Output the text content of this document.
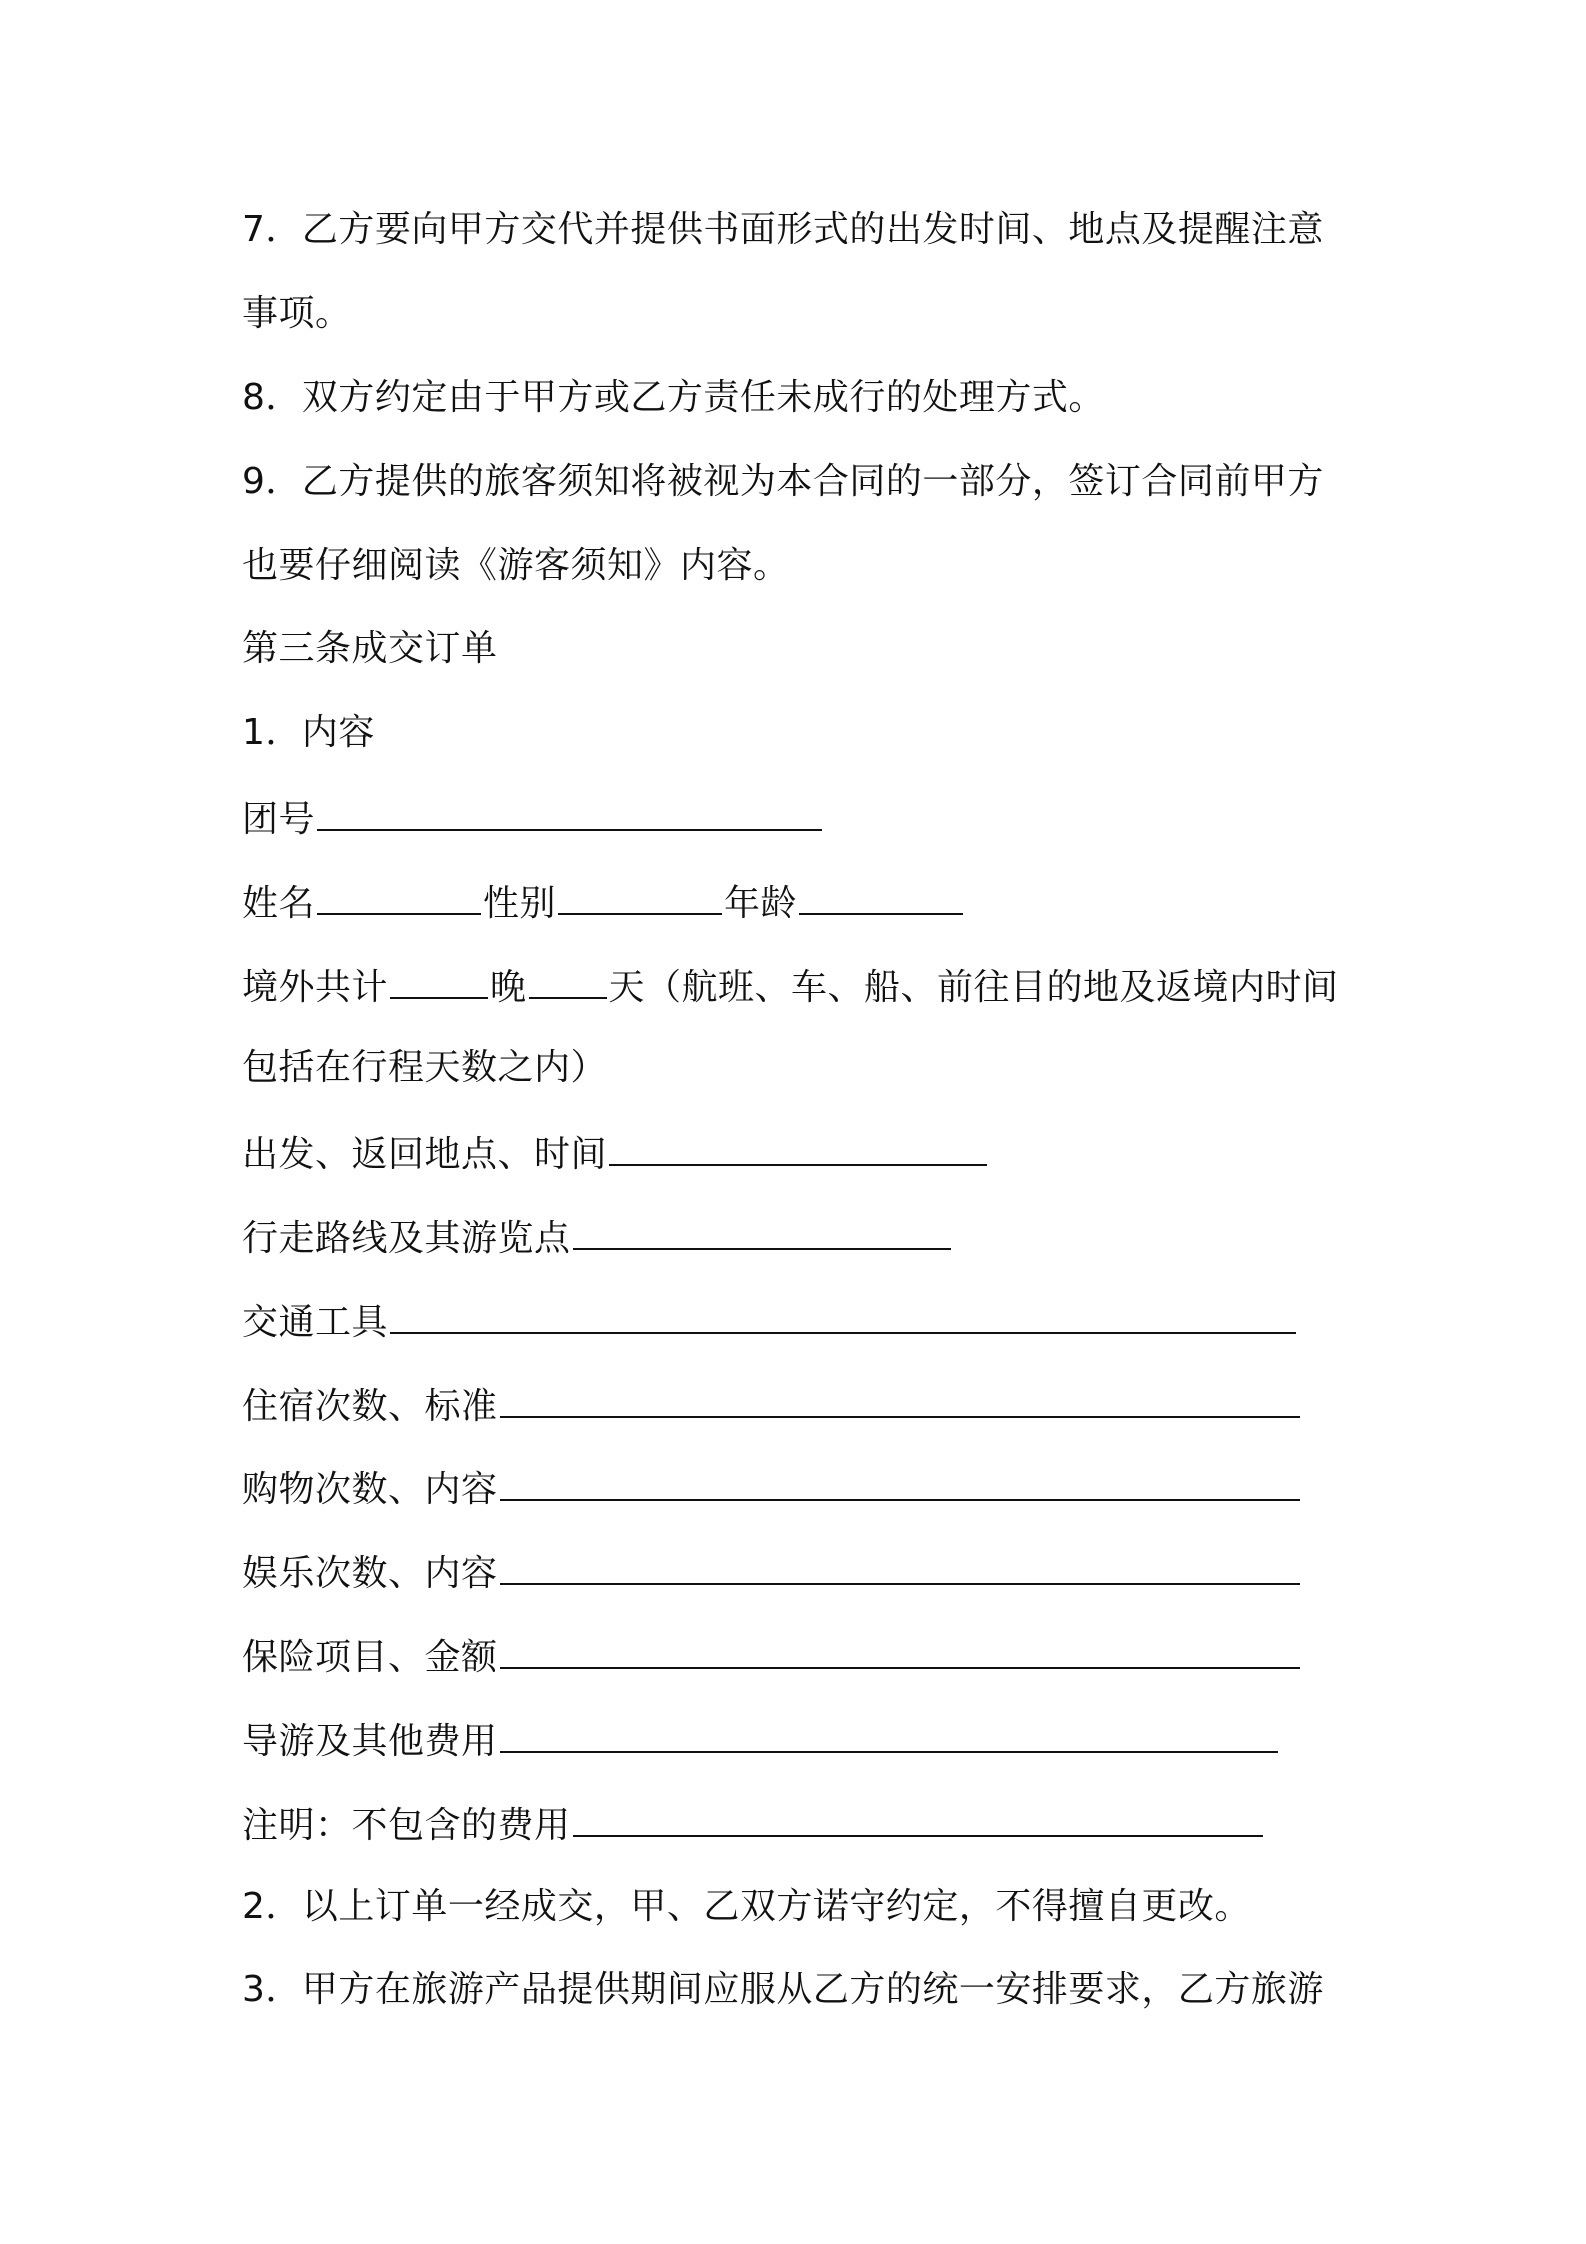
7．乙方要向甲方交代并提供书面形式的出发时间、地点及提醒注意
事项。
8．双方约定由于甲方或乙方责任未成行的处理方式。
9．乙方提供的旅客须知将被视为本合同的一部分，签订合同前甲方
也要仔细阅读《游客须知》内容。
第三条成交订单
1．内容
团号
姓名	性别	年龄
境外共计	晚 天（航班、车、船、前往目的地及返境内时间
包括在行程天数之内）
出发、返回地点、时间
行走路线及其游览点
交通工具
住宿次数、标准
购物次数、内容
娱乐次数、内容
保险项目、金额
导游及其他费用
注明：不包含的费用
2．以上订单一经成交，甲、乙双方诺守约定，不得擅自更改。
3．甲方在旅游产品提供期间应服从乙方的统一安排要求，乙方旅游
